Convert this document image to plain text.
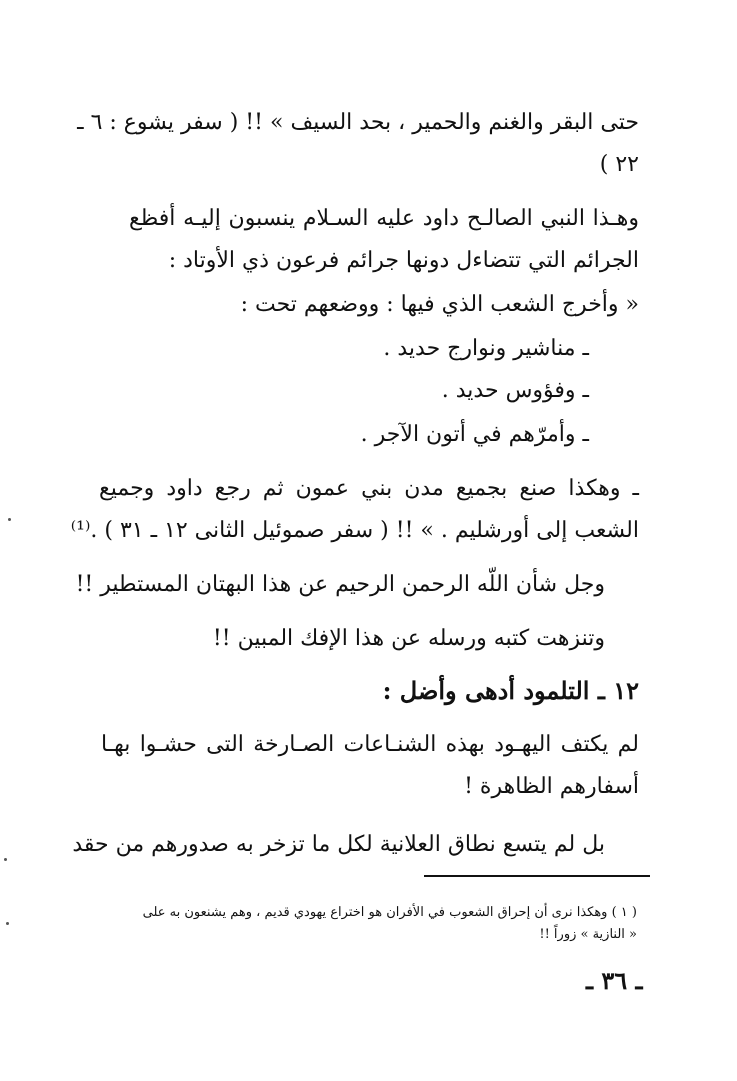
حتى البقر والغنم والحمير ، بحد السيف » !! ( سفر يشوع : ٦ ـ
٢٢ )
وهـذا النبي الصالـح داود عليه السـلام ينسبون إليـه أفظع
الجرائم التي تتضاءل دونها جرائم فرعون ذي الأوتاد :
« وأخرج الشعب الذي فيها : ووضعهم تحت :
ـ مناشير ونوارج حديد .
ـ وفؤوس حديد .
ـ وأمرّهم في أتون الآجر .
ـ وهكذا صنع بجميع مدن بني عمون ثم رجع داود وجميع
الشعب إلى أورشليم . » !! ( سفر صموئيل الثانى ١٢ ـ ٣١ ) .⁽¹⁾
وجل شأن اللّه الرحمن الرحيم عن هذا البهتان المستطير !!
وتنزهت كتبه ورسله عن هذا الإفك المبين !!
١٢ ـ التلمود أدهى وأضل :
لم يكتف اليهـود بهذه الشنـاعات الصـارخة التى حشـوا بهـا
أسفارهم الظاهرة !
بل لم يتسع نطاق العلانية لكل ما تزخر به صدورهم من حقد
( ١ ) وهكذا نرى أن إحراق الشعوب في الأفران هو اختراع يهودي قديم ، وهم يشنعون به على
« النازية » زوراً !!
ـ ٣٦ ـ
